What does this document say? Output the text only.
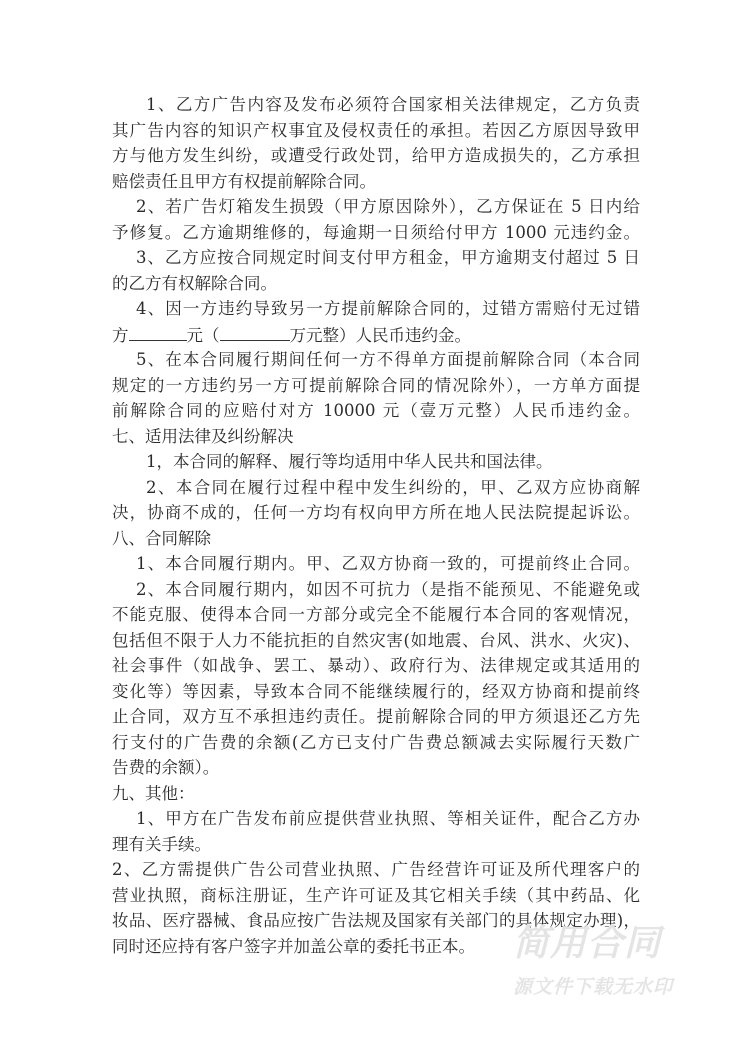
1、乙方广告内容及发布必须符合国家相关法律规定，乙方负责
其广告内容的知识产权事宜及侵权责任的承担。若因乙方原因导致甲
方与他方发生纠纷，或遭受行政处罚，给甲方造成损失的，乙方承担
赔偿责任且甲方有权提前解除合同。
2、若广告灯箱发生损毁（甲方原因除外），乙方保证在 5 日内给
予修复。乙方逾期维修的，每逾期一日须给付甲方 1000 元违约金。
3、乙方应按合同规定时间支付甲方租金，甲方逾期支付超过 5 日
的乙方有权解除合同。
4、因一方违约导致另一方提前解除合同的，过错方需赔付无过错
方	元（	万元整）人民币违约金。
5、在本合同履行期间任何一方不得单方面提前解除合同（本合同
规定的一方违约另一方可提前解除合同的情况除外），一方单方面提
前解除合同的应赔付对方 10000 元（壹万元整）人民币违约金。
七、适用法律及纠纷解决
1，本合同的解释、履行等均适用中华人民共和国法律。
2、本合同在履行过程中程中发生纠纷的，甲、乙双方应协商解
决，协商不成的，任何一方均有权向甲方所在地人民法院提起诉讼。
八、合同解除
1、本合同履行期内。甲、乙双方协商一致的，可提前终止合同。
2、本合同履行期内，如因不可抗力（是指不能预见、不能避免或
不能克服、使得本合同一方部分或完全不能履行本合同的客观情况，
包括但不限于人力不能抗拒的自然灾害(如地震、台风、洪水、火灾)、
社会事件（如战争、罢工、暴动）、政府行为、法律规定或其适用的
变化等）等因素，导致本合同不能继续履行的，经双方协商和提前终
止合同，双方互不承担违约责任。提前解除合同的甲方须退还乙方先
行支付的广告费的余额(乙方已支付广告费总额减去实际履行天数广
告费的余额）。
九、其他：
1、甲方在广告发布前应提供营业执照、等相关证件，配合乙方办
理有关手续。
2、乙方需提供广告公司营业执照、广告经营许可证及所代理客户的
营业执照，商标注册证，生产许可证及其它相关手续（其中药品、化
妆品、医疗器械、食品应按广告法规及国家有关部门的具体规定办理)，
同时还应持有客户签字并加盖公章的委托书正本。	简用合同
源文件下载无水印
